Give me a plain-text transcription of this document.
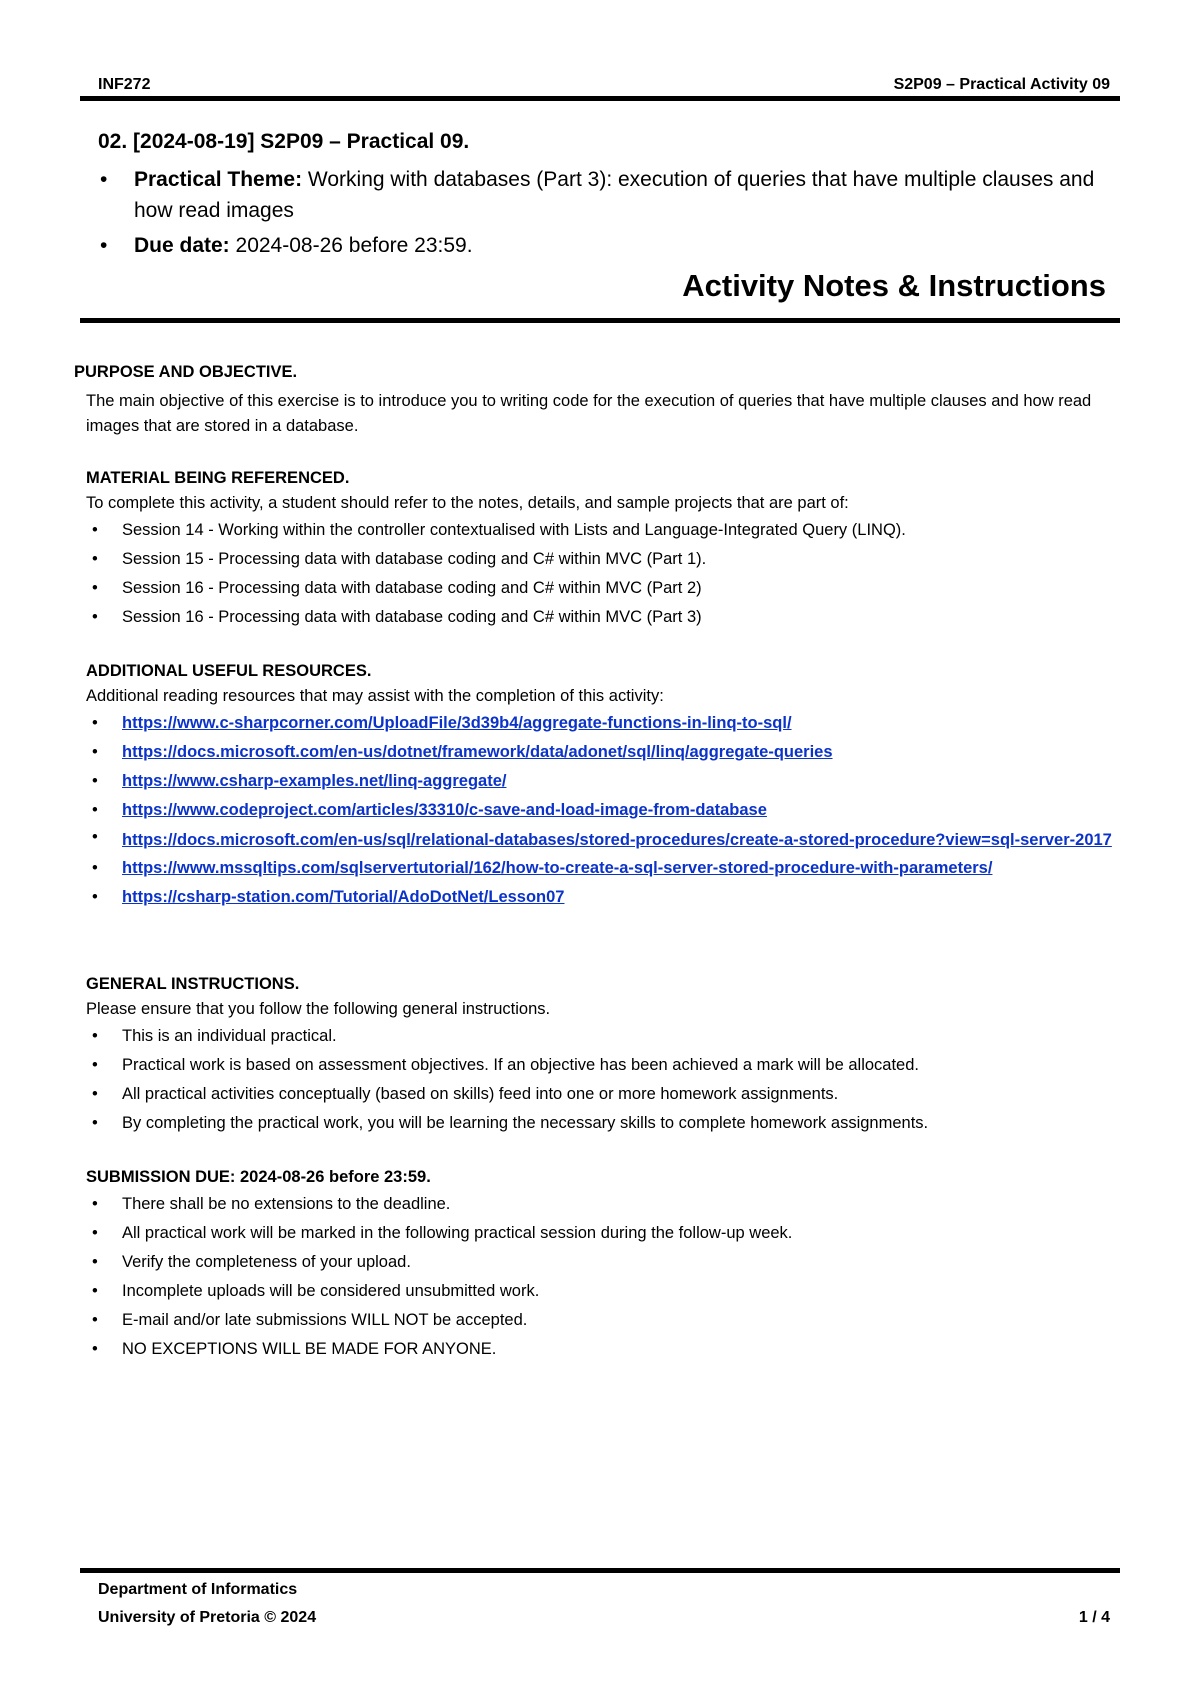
INF272	S2P09 – Practical Activity 09
02. [2024-08-19] S2P09 – Practical 09.
• Practical Theme: Working with databases (Part 3): execution of queries that have multiple clauses and how read images
• Due date: 2024-08-26 before 23:59.
Activity Notes & Instructions
PURPOSE AND OBJECTIVE.
The main objective of this exercise is to introduce you to writing code for the execution of queries that have multiple clauses and how read images that are stored in a database.
MATERIAL BEING REFERENCED.
To complete this activity, a student should refer to the notes, details, and sample projects that are part of:
• Session 14 - Working within the controller contextualised with Lists and Language-Integrated Query (LINQ).
• Session 15 - Processing data with database coding and C# within MVC (Part 1).
• Session 16 - Processing data with database coding and C# within MVC (Part 2)
• Session 16 - Processing data with database coding and C# within MVC (Part 3)
ADDITIONAL USEFUL RESOURCES.
Additional reading resources that may assist with the completion of this activity:
• https://www.c-sharpcorner.com/UploadFile/3d39b4/aggregate-functions-in-linq-to-sql/
• https://docs.microsoft.com/en-us/dotnet/framework/data/adonet/sql/linq/aggregate-queries
• https://www.csharp-examples.net/linq-aggregate/
• https://www.codeproject.com/articles/33310/c-save-and-load-image-from-database
• https://docs.microsoft.com/en-us/sql/relational-databases/stored-procedures/create-a-stored-procedure?view=sql-server-2017
• https://www.mssqltips.com/sqlservertutorial/162/how-to-create-a-sql-server-stored-procedure-with-parameters/
• https://csharp-station.com/Tutorial/AdoDotNet/Lesson07
GENERAL INSTRUCTIONS.
Please ensure that you follow the following general instructions.
• This is an individual practical.
• Practical work is based on assessment objectives. If an objective has been achieved a mark will be allocated.
• All practical activities conceptually (based on skills) feed into one or more homework assignments.
• By completing the practical work, you will be learning the necessary skills to complete homework assignments.
SUBMISSION DUE: 2024-08-26 before 23:59.
• There shall be no extensions to the deadline.
• All practical work will be marked in the following practical session during the follow-up week.
• Verify the completeness of your upload.
• Incomplete uploads will be considered unsubmitted work.
• E-mail and/or late submissions WILL NOT be accepted.
• NO EXCEPTIONS WILL BE MADE FOR ANYONE.
Department of Informatics
University of Pretoria © 2024	1 / 4
